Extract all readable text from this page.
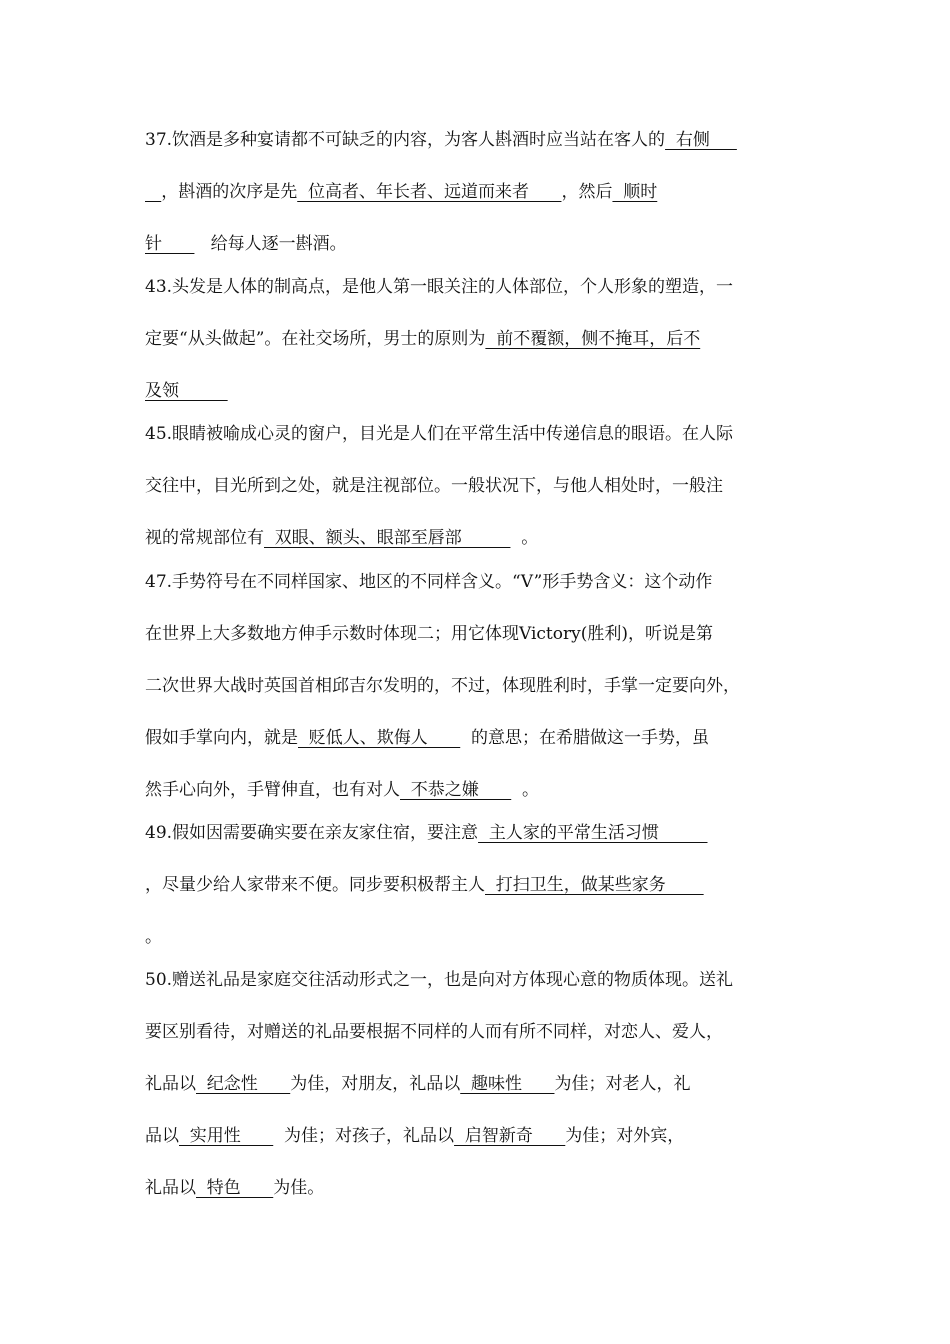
37.饮酒是多种宴请都不可缺乏的内容，为客人斟酒时应当站在客人的  右侧
，斟酒的次序是先  位高者、年长者、远道而来者      ，然后  顺时
针         给每人逐一斟酒。
43.头发是人体的制高点，是他人第一眼关注的人体部位，个人形象的塑造，一
定要“从头做起”。在社交场所，男士的原则为  前不覆额，侧不掩耳，后不
及领
45.眼睛被喻成心灵的窗户，目光是人们在平常生活中传递信息的眼语。在人际
交往中，目光所到之处，就是注视部位。一般状况下，与他人相处时，一般注
视的常规部位有  双眼、额头、眼部至唇部           。
47.手势符号在不同样国家、地区的不同样含义。“V”形手势含义：这个动作
在世界上大多数地方伸手示数时体现二；用它体现Victory(胜利)，听说是第
二次世界大战时英国首相邱吉尔发明的，不过，体现胜利时，手掌一定要向外，
假如手掌向内，就是  贬低人、欺侮人        的意思；在希腊做这一手势，虽
然手心向外，手臂伸直，也有对人  不恭之嫌        。
49.假如因需要确实要在亲友家住宿，要注意  主人家的平常生活习惯
，尽量少给人家带来不便。同步要积极帮主人  打扫卫生，做某些家务
。
50.赠送礼品是家庭交往活动形式之一，也是向对方体现心意的物质体现。送礼
要区别看待，对赠送的礼品要根据不同样的人而有所不同样，对恋人、爱人，
礼品以  纪念性      为佳，对朋友，礼品以  趣味性      为佳；对老人，礼
品以  实用性        为佳；对孩子，礼品以  启智新奇      为佳；对外宾，
礼品以  特色      为佳。
